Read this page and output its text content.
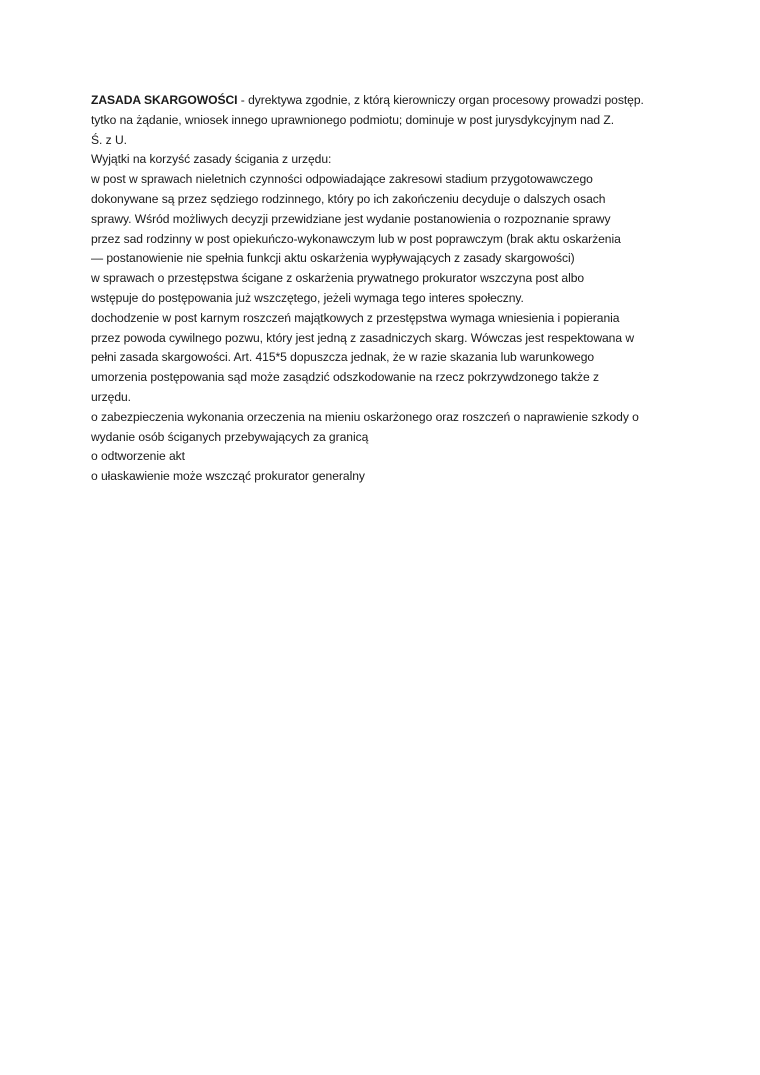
ZASADA SKARGOWOŚCI - dyrektywa zgodnie, z którą kierowniczy organ procesowy prowadzi postęp.
tytko na żądanie, wniosek innego uprawnionego podmiotu; dominuje w post jurysdykcyjnym nad Z.
Ś. z U.
Wyjątki na korzyść zasady ścigania z urzędu:
w post w sprawach nieletnich czynności odpowiadające zakresowi stadium przygotowawczego
dokonywane są przez sędziego rodzinnego, który po ich zakończeniu decyduje o dalszych osach
sprawy. Wśród możliwych decyzji przewidziane jest wydanie postanowienia o rozpoznanie sprawy
przez sad rodzinny w post opiekuńczo-wykonawczym lub w post poprawczym (brak aktu oskarżenia
— postanowienie nie spełnia funkcji aktu oskarżenia wypływających z zasady skargowości)
w sprawach o przestępstwa ścigane z oskarżenia prywatnego prokurator wszczyna post albo
wstępuje do postępowania już wszczętego, jeżeli wymaga tego interes społeczny.
dochodzenie w post karnym roszczeń majątkowych z przestępstwa wymaga wniesienia i popierania
przez powoda cywilnego pozwu, który jest jedną z zasadniczych skarg. Wówczas jest respektowana w
pełni zasada skargowości. Art. 415*5 dopuszcza jednak, że w razie skazania lub warunkowego
umorzenia postępowania sąd może zasądzić odszkodowanie na rzecz pokrzywdzonego także z
urzędu.
o zabezpieczenia wykonania orzeczenia na mieniu oskarżonego oraz roszczeń o naprawienie szkody o
wydanie osób ściganych przebywających za granicą
o odtworzenie akt
o ułaskawienie może wszcząć prokurator generalny
